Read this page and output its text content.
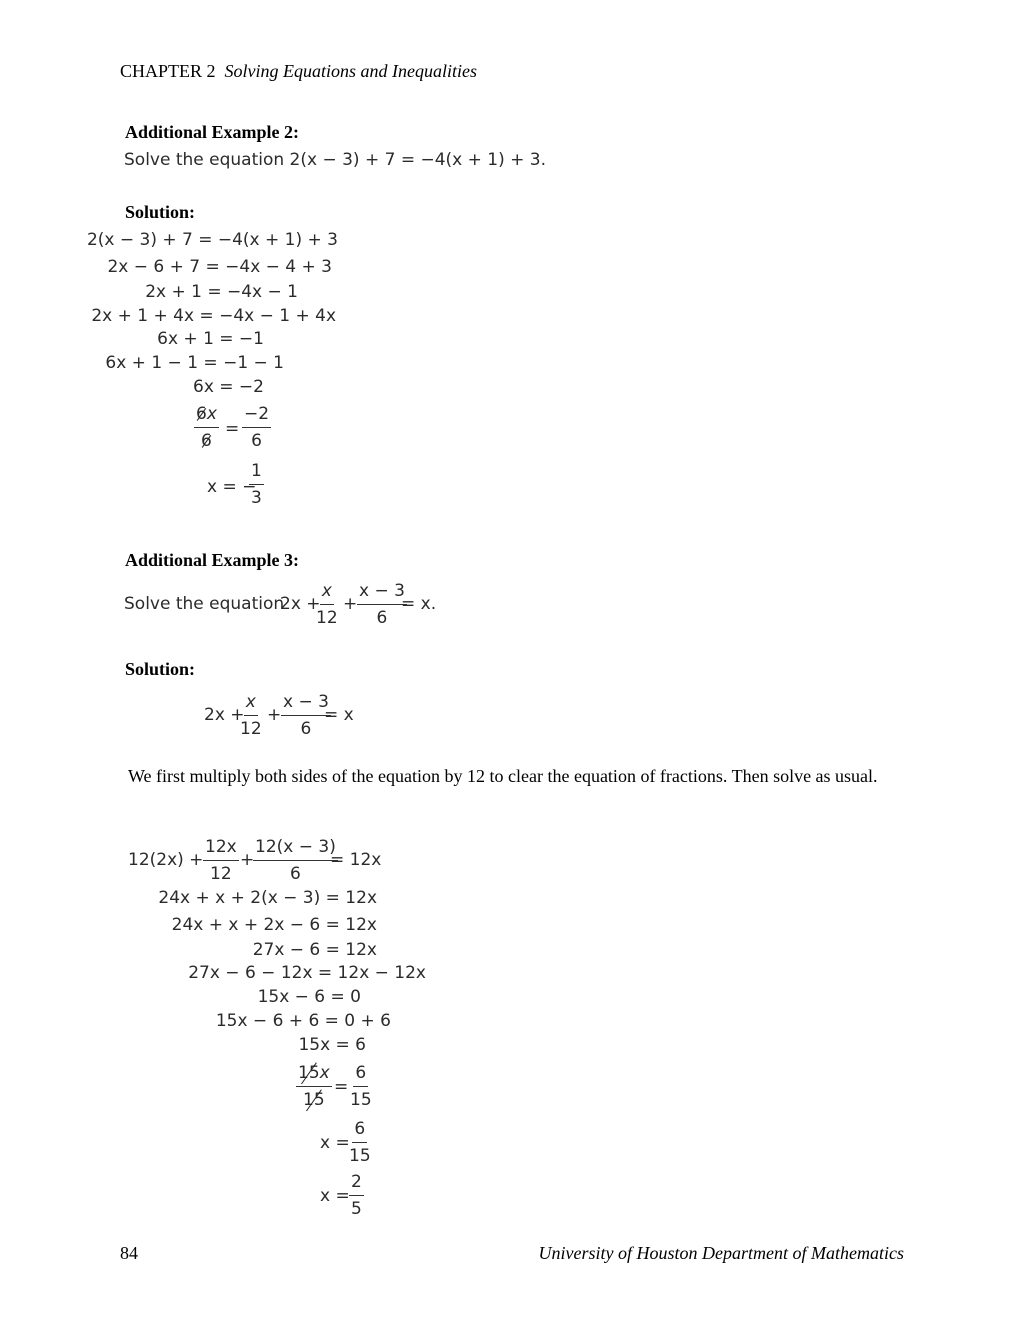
CHAPTER 2 Solving Equations and Inequalities
Additional Example 2:
Solve the equation 2(x − 3) + 7 = −4(x + 1) + 3.
Solution:
2(x − 3) + 7 = −4(x + 1) + 3
2x − 6 + 7 = −4x − 4 + 3
2x + 1 = −4x − 1
2x + 1 + 4x = −4x − 1 + 4x
6x + 1 = −1
6x + 1 − 1 = −1 − 1
6x = −2
$\frac{6x}{6} = \frac{-2}{6}$
x = −
$\frac{1}{3}$
Additional Example 3:
Solve the equation
2x +
$\frac{x}{12} + \frac{x - 3}{6}$
= x.
Solution:
2x +
$\frac{x}{12} + \frac{x - 3}{6}$
= x
We first multiply both sides of the equation by 12 to clear the equation of fractions. Then solve as usual.
$12(2x) + \frac{12x}{12}$ +
$\frac{12(x - 3)}{6}$
= 12x
24x + x + 2(x − 3) = 12x
24x + x + 2x − 6 = 12x
27x − 6 = 12x
27x − 6 − 12x = 12x − 12x
15x − 6 = 0
15x − 6 + 6 = 0 + 6
15x = 6
$\frac{15x}{15} = \frac{6}{15}$
$x = \frac{6}{15}$
$x = \frac{2}{5}$
84	University of Houston Department of Mathematics
